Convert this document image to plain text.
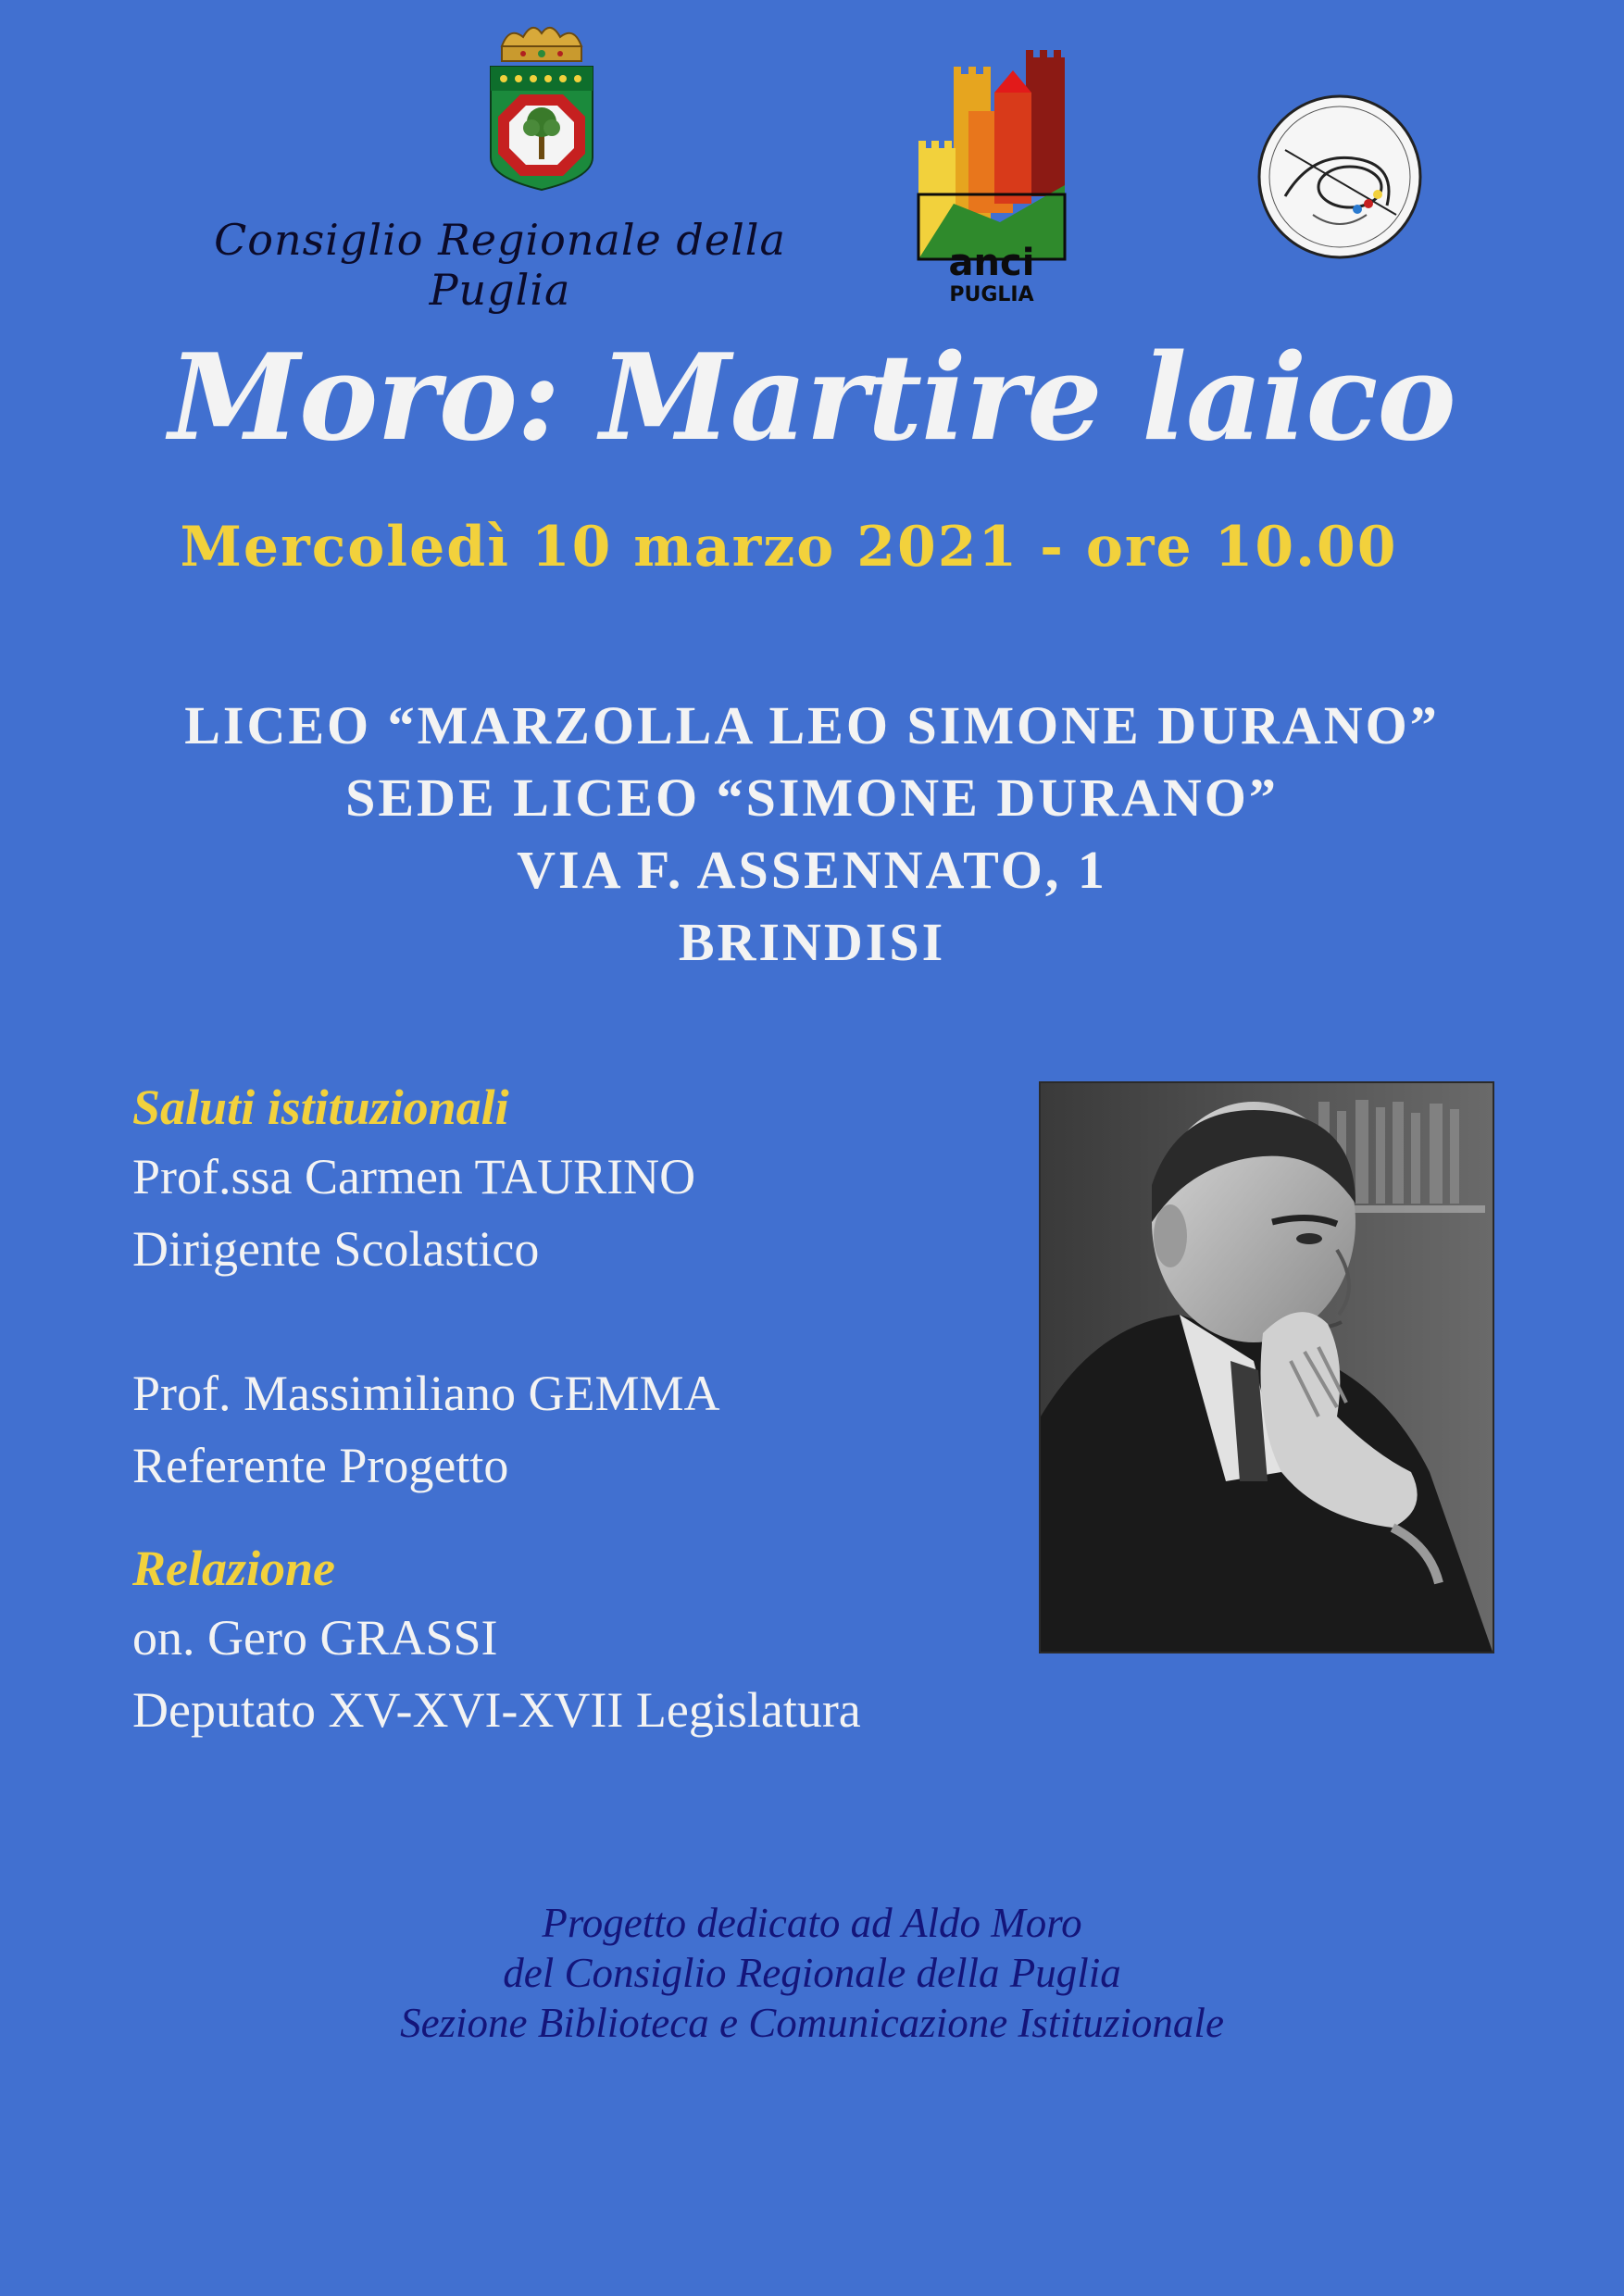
Consiglio Regionale della Puglia
anci
PUGLIA
Moro: Martire laico
Mercoledì 10 marzo 2021 - ore 10.00
LICEO “MARZOLLA LEO SIMONE DURANO”
SEDE LICEO “SIMONE DURANO”
VIA F. ASSENNATO, 1
BRINDISI
Saluti istituzionali
Prof.ssa Carmen TAURINO
Dirigente Scolastico
Prof. Massimiliano GEMMA
Referente Progetto
Relazione
on. Gero GRASSI
Deputato XV-XVI-XVII Legislatura
Progetto dedicato ad Aldo Moro
del Consiglio Regionale della Puglia
Sezione Biblioteca e Comunicazione Istituzionale
